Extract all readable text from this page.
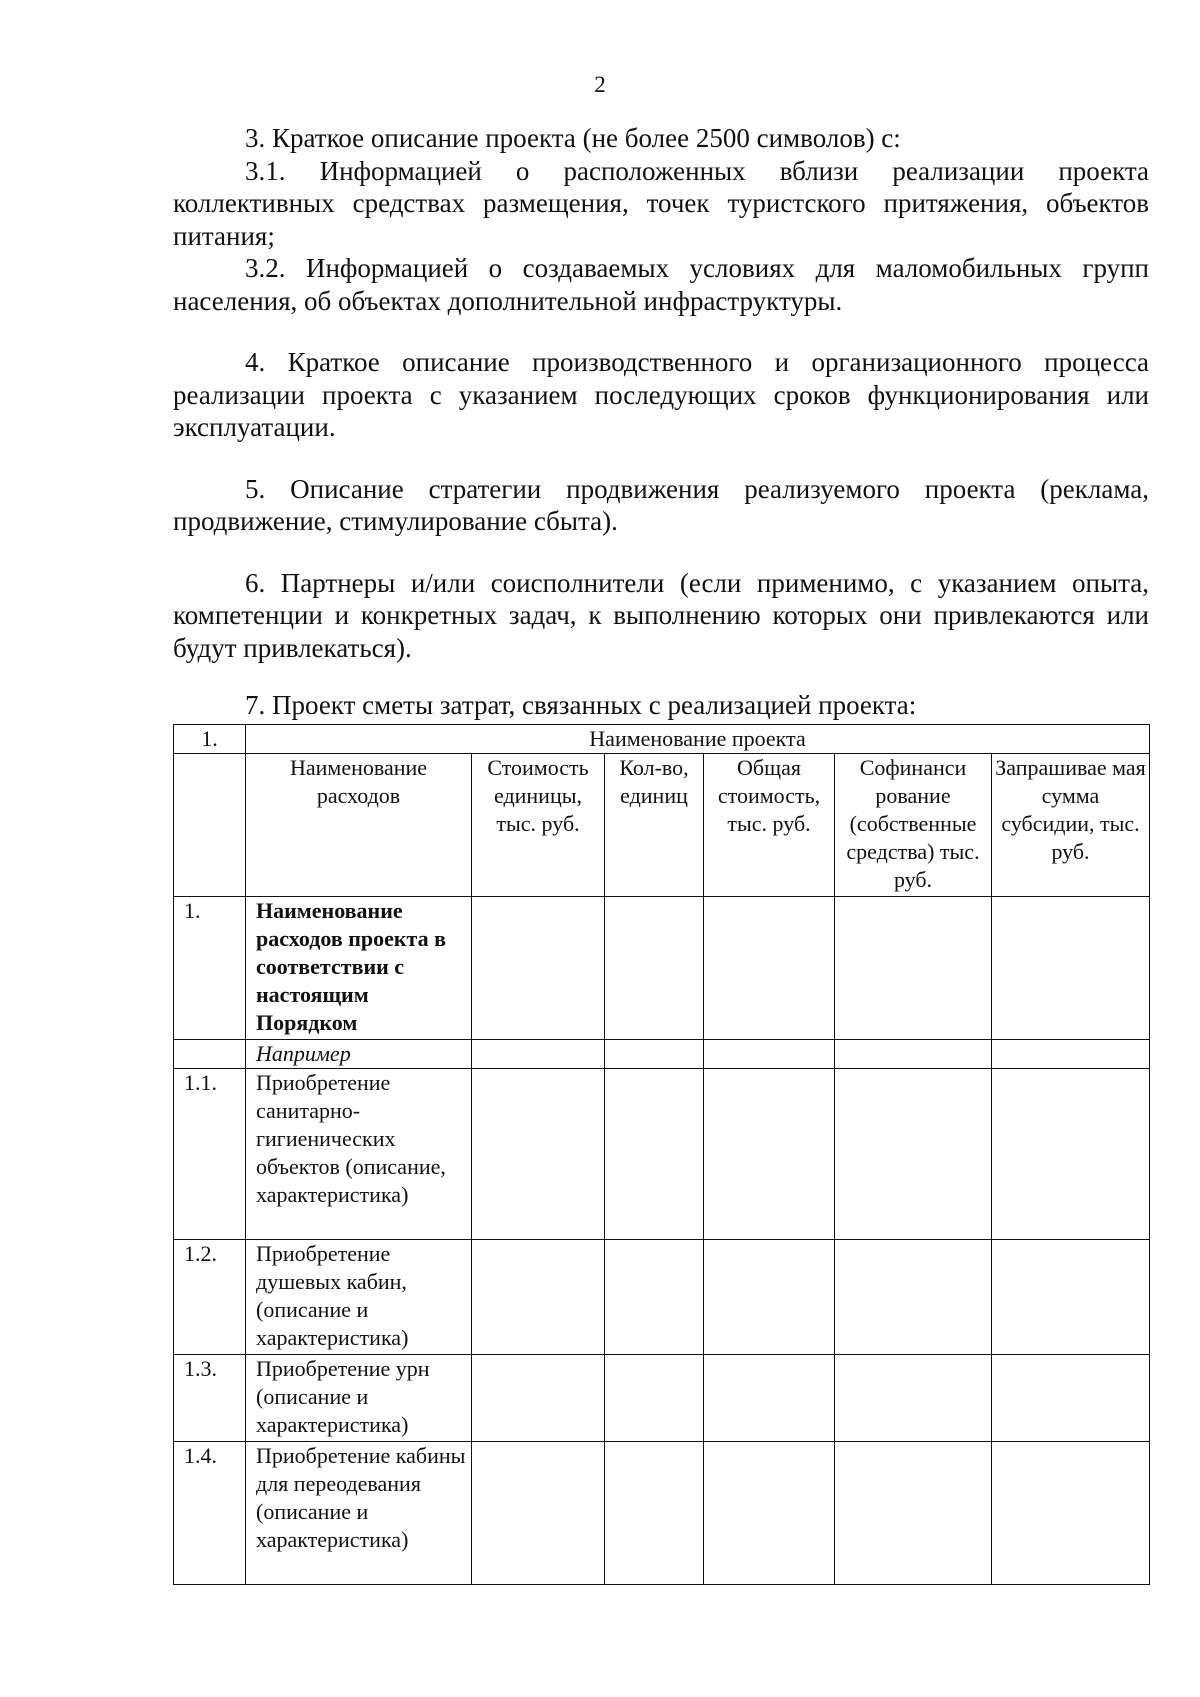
2

3. Краткое описание проекта (не более 2500 символов) с:

3.1. Информацией о расположенных вблизи реализации проекта коллективных средствах размещения, точек туристского притяжения, объектов питания;

3.2. Информацией о создаваемых условиях для маломобильных групп населения, об объектах дополнительной инфраструктуры.

4. Краткое описание производственного и организационного процесса реализации проекта с указанием последующих сроков функционирования или эксплуатации.

5. Описание стратегии продвижения реализуемого проекта (реклама, продвижение, стимулирование сбыта).

6. Партнеры и/или соисполнители (если применимо, с указанием опыта, компетенции и конкретных задач, к выполнению которых они привлекаются или будут привлекаться).

7. Проект сметы затрат, связанных с реализацией проекта:

1.	Наименование проекта					
	Наименование расходов	Стоимость единицы, тыс. руб.	Кол-во, единиц	Общая стоимость, тыс. руб.	Софинанси рование (собственные средства) тыс. руб.	Запрашивае мая сумма субсидии, тыс. руб.
1.	Наименование расходов проекта в соответствии с настоящим Порядком					
	Например					
1.1.	Приобретение санитарно-гигиенических объектов (описание, характеристика)					
1.2.	Приобретение душевых кабин, (описание и характеристика)					
1.3.	Приобретение урн (описание и характеристика)					
1.4.	Приобретение кабины для переодевания (описание и характеристика)					
